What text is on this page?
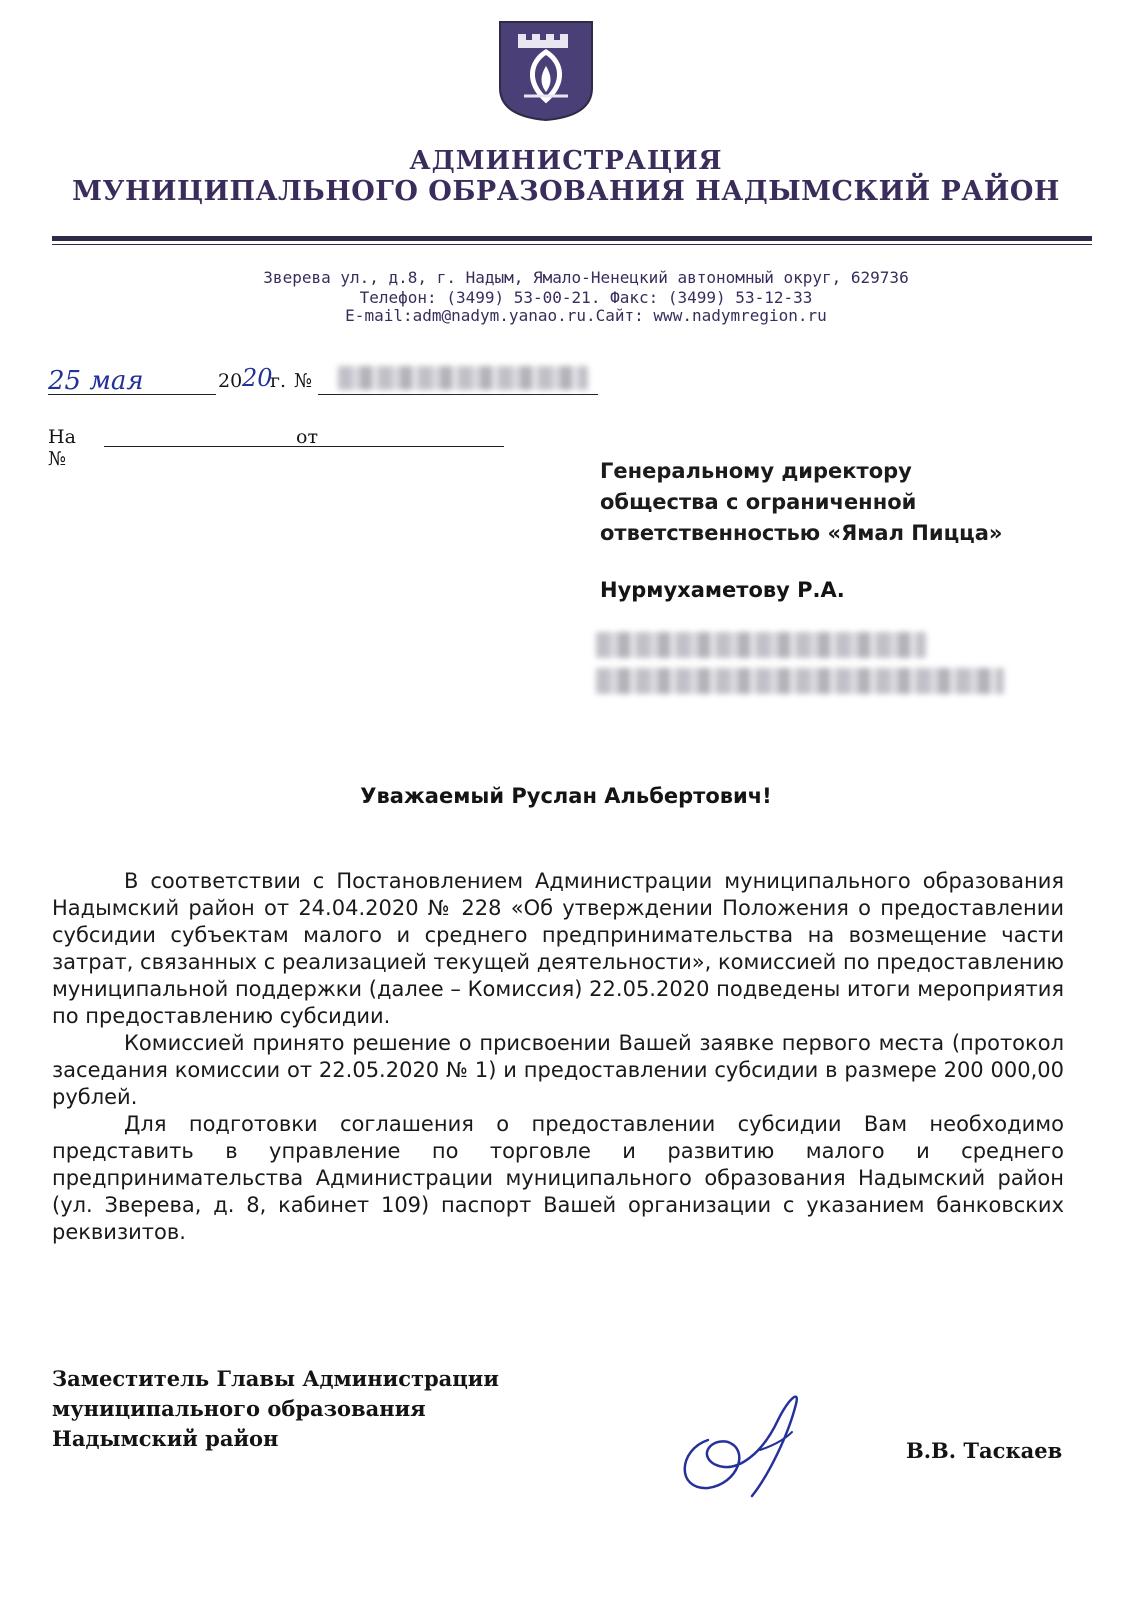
АДМИНИСТРАЦИЯ
МУНИЦИПАЛЬНОГО ОБРАЗОВАНИЯ НАДЫМСКИЙ РАЙОН
Зверева ул., д.8, г. Надым, Ямало-Ненецкий автономный округ, 629736
Телефон: (3499) 53-00-21. Факс: (3499) 53-12-33
E-mail:adm@nadym.yanao.ru.Сайт: www.nadymregion.ru
25 мая	20 20
г. №
На №
от
Генеральному директору
общества с ограниченной
ответственностью «Ямал Пицца»
Нурмухаметову Р.А.
Уважаемый Руслан Альбертович!

В соответствии с Постановлением Администрации муниципального образования Надымский район от 24.04.2020 № 228 «Об утверждении Положения о предоставлении субсидии субъектам малого и среднего предпринимательства на возмещение части затрат, связанных с реализацией текущей деятельности», комиссией по предоставлению муниципальной поддержки (далее – Комиссия) 22.05.2020 подведены итоги мероприятия по предоставлению субсидии.

Комиссией принято решение о присвоении Вашей заявке первого места (протокол заседания комиссии от 22.05.2020 № 1) и предоставлении субсидии в размере 200 000,00 рублей.

Для подготовки соглашения о предоставлении субсидии Вам необходимо представить в управление по торговле и развитию малого и среднего предпринимательства Администрации муниципального образования Надымский район (ул. Зверева, д. 8, кабинет 109) паспорт Вашей организации с указанием банковских реквизитов.

Заместитель Главы Администрации
муниципального образования
Надымский район	В.В. Таскаев
